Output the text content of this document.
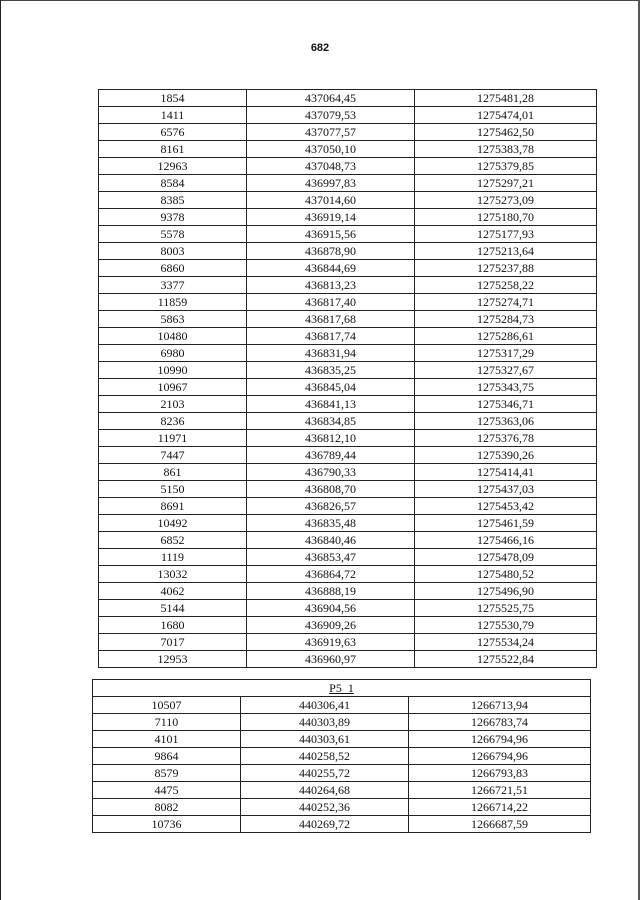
682
1854	437064,45	1275481,28
1411	437079,53	1275474,01
6576	437077,57	1275462,50
8161	437050,10	1275383,78
12963	437048,73	1275379,85
8584	436997,83	1275297,21
8385	437014,60	1275273,09
9378	436919,14	1275180,70
5578	436915,56	1275177,93
8003	436878,90	1275213,64
6860	436844,69	1275237,88
3377	436813,23	1275258,22
11859	436817,40	1275274,71
5863	436817,68	1275284,73
10480	436817,74	1275286,61
6980	436831,94	1275317,29
10990	436835,25	1275327,67
10967	436845,04	1275343,75
2103	436841,13	1275346,71
8236	436834,85	1275363,06
11971	436812,10	1275376,78
7447	436789,44	1275390,26
861	436790,33	1275414,41
5150	436808,70	1275437,03
8691	436826,57	1275453,42
10492	436835,48	1275461,59
6852	436840,46	1275466,16
1119	436853,47	1275478,09
13032	436864,72	1275480,52
4062	436888,19	1275496,90
5144	436904,56	1275525,75
1680	436909,26	1275530,79
7017	436919,63	1275534,24
12953	436960,97	1275522,84
P5_1		
10507	440306,41	1266713,94
7110	440303,89	1266783,74
4101	440303,61	1266794,96
9864	440258,52	1266794,96
8579	440255,72	1266793,83
4475	440264,68	1266721,51
8082	440252,36	1266714,22
10736	440269,72	1266687,59
